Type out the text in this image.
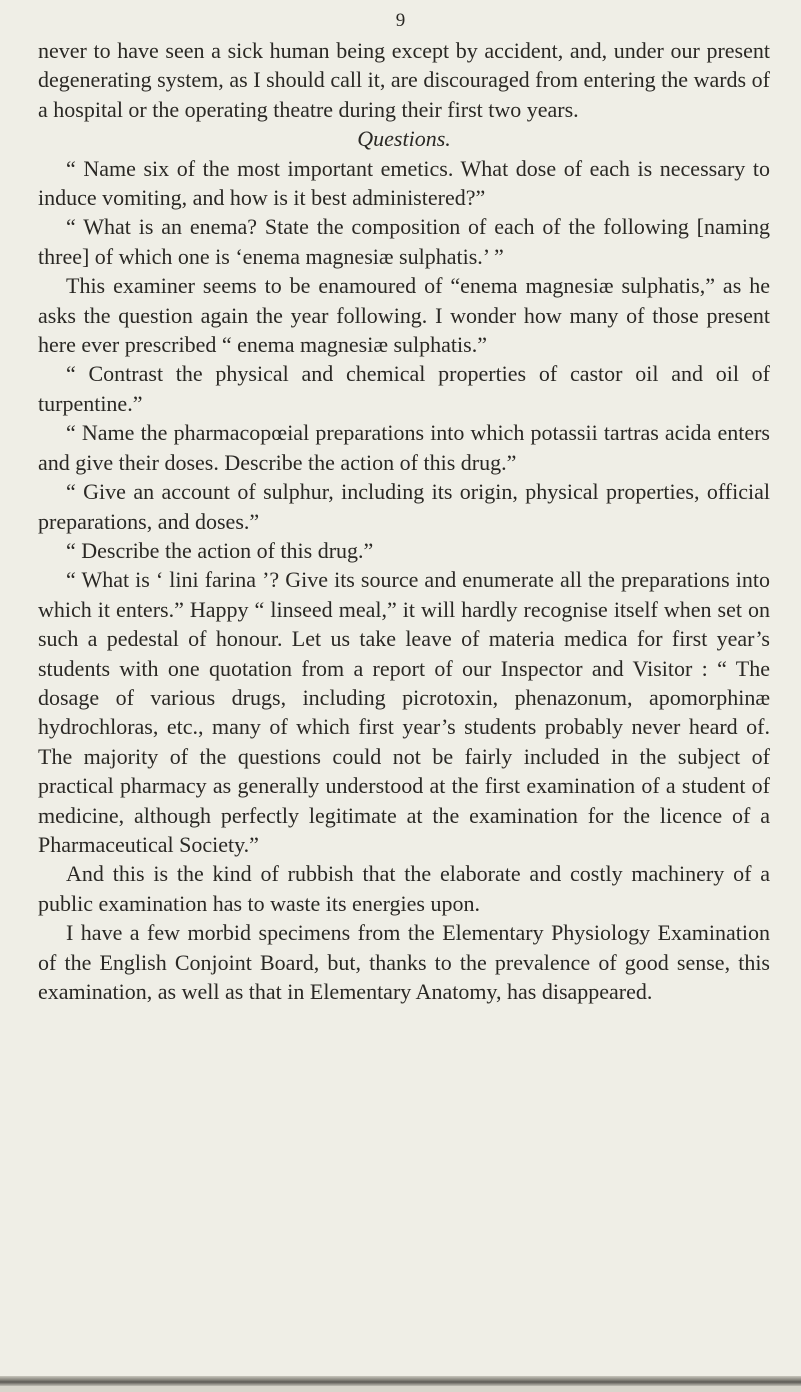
9

never to have seen a sick human being except by accident, and, under our present degenerating system, as I should call it, are discouraged from entering the wards of a hospital or the operating theatre during their first two years.

Questions.

“ Name six of the most important emetics. What dose of each is necessary to induce vomiting, and how is it best administered?”

“ What is an enema? State the composition of each of the following [naming three] of which one is ‘enema magnesiæ sulphatis.’ ”

This examiner seems to be enamoured of “enema magnesiæ sulphatis,” as he asks the question again the year following. I wonder how many of those present here ever prescribed “ enema magnesiæ sulphatis.”

“ Contrast the physical and chemical properties of castor oil and oil of turpentine.”

“ Name the pharmacopœial preparations into which potassii tartras acida enters and give their doses. Describe the action of this drug.”

“ Give an account of sulphur, including its origin, physical properties, official preparations, and doses.”

“ Describe the action of this drug.”

“ What is ‘ lini farina ’? Give its source and enumerate all the preparations into which it enters.” Happy “ linseed meal,” it will hardly recognise itself when set on such a pedestal of honour. Let us take leave of materia medica for first year’s students with one quotation from a report of our Inspector and Visitor : “ The dosage of various drugs, including picrotoxin, phenazonum, apomorphinæ hydrochloras, etc., many of which first year’s students probably never heard of. The majority of the questions could not be fairly included in the subject of practical pharmacy as generally understood at the first examination of a student of medicine, although perfectly legitimate at the examination for the licence of a Pharmaceutical Society.”

And this is the kind of rubbish that the elaborate and costly machinery of a public examination has to waste its energies upon.

I have a few morbid specimens from the Elementary Physiology Examination of the English Conjoint Board, but, thanks to the prevalence of good sense, this examination, as well as that in Elementary Anatomy, has disappeared.
